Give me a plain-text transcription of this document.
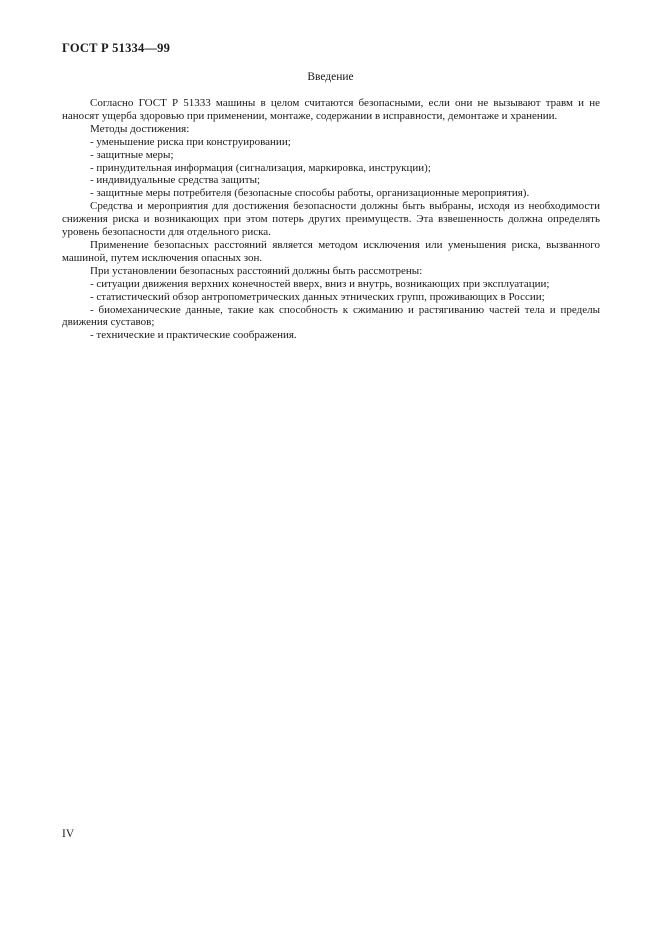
ГОСТ Р 51334—99
Введение

Согласно ГОСТ Р 51333 машины в целом считаются безопасными, если они не вызывают травм и не наносят ущерба здоровью при применении, монтаже, содержании в исправности, демонтаже и хранении.

Методы достижения:

- уменьшение риска при конструировании;

- защитные меры;

- принудительная информация (сигнализация, маркировка, инструкции);

- индивидуальные средства защиты;

- защитные меры потребителя (безопасные способы работы, организационные мероприятия).

Средства и мероприятия для достижения безопасности должны быть выбраны, исходя из необходимости снижения риска и возникающих при этом потерь других преимуществ. Эта взвешенность должна определять уровень безопасности для отдельного риска.

Применение безопасных расстояний является методом исключения или уменьшения риска, вызванного машиной, путем исключения опасных зон.

При установлении безопасных расстояний должны быть рассмотрены:

- ситуации движения верхних конечностей вверх, вниз и внутрь, возникающих при эксплуатации;

- статистический обзор антропометрических данных этнических групп, проживающих в России;

- биомеханические данные, такие как способность к сжиманию и растягиванию частей тела и пределы движения суставов;

- технические и практические соображения.

IV
